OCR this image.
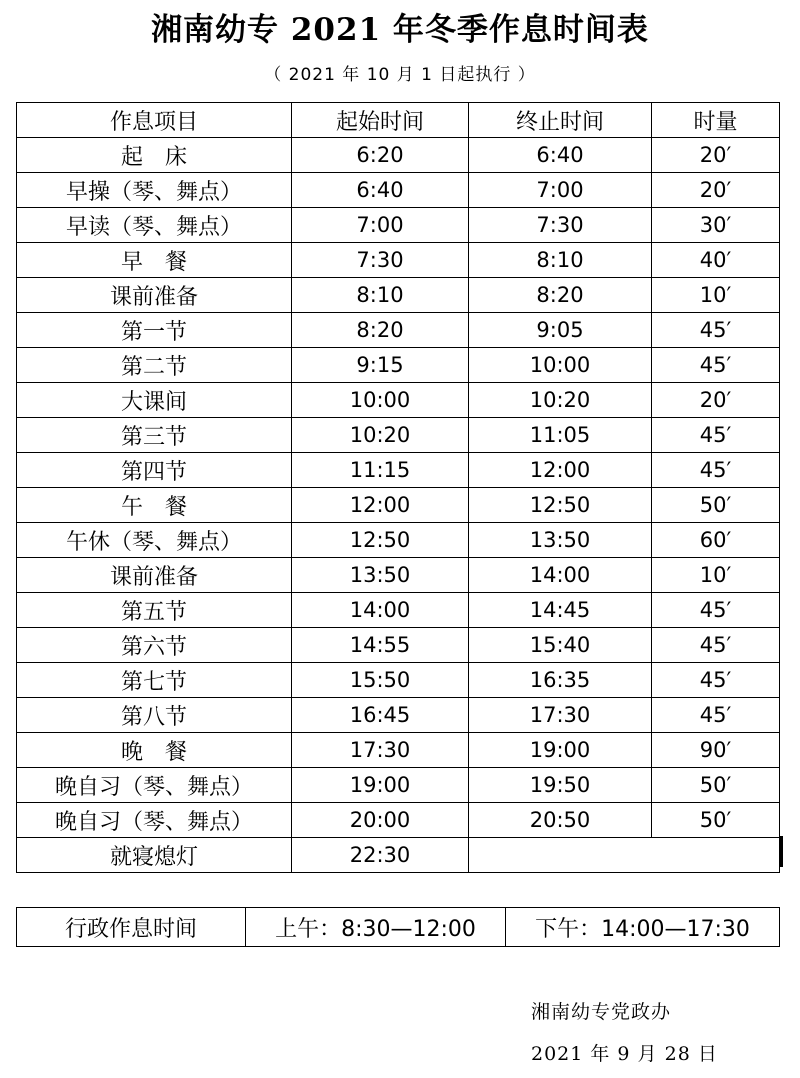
湘南幼专 2021 年冬季作息时间表
（ 2021 年 10 月 1 日起执行 ）
作息项目	起始时间	终止时间	时量
起　床	6:20	6:40	20′
早操（琴、舞点）	6:40	7:00	20′
早读（琴、舞点）	7:00	7:30	30′
早　餐	7:30	8:10	40′
课前准备	8:10	8:20	10′
第一节	8:20	9:05	45′
第二节	9:15	10:00	45′
大课间	10:00	10:20	20′
第三节	10:20	11:05	45′
第四节	11:15	12:00	45′
午　餐	12:00	12:50	50′
午休（琴、舞点）	12:50	13:50	60′
课前准备	13:50	14:00	10′
第五节	14:00	14:45	45′
第六节	14:55	15:40	45′
第七节	15:50	16:35	45′
第八节	16:45	17:30	45′
晚　餐	17:30	19:00	90′
晚自习（琴、舞点）	19:00	19:50	50′
晚自习（琴、舞点）	20:00	20:50	50′
就寝熄灯	22:30		
行政作息时间	上午：8:30—12:00	下午：14:00—17:30
湘南幼专党政办
2021 年 9 月 28 日
